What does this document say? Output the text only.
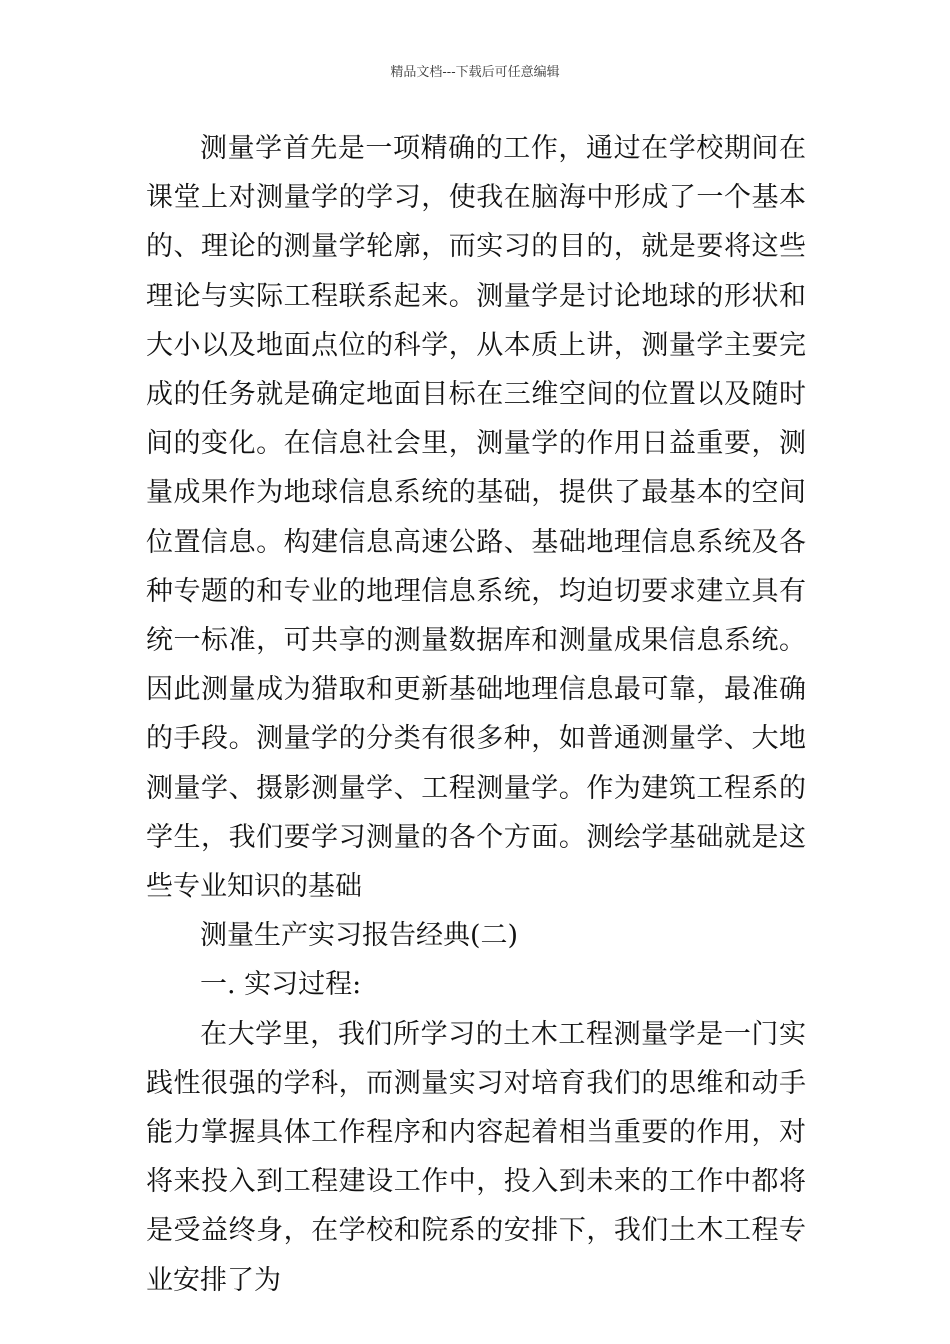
精品文档---下载后可任意编辑

测量学首先是一项精确的工作，通过在学校期间在课堂上对测量学的学习，使我在脑海中形成了一个基本的、理论的测量学轮廓，而实习的目的，就是要将这些理论与实际工程联系起来。测量学是讨论地球的形状和大小以及地面点位的科学，从本质上讲，测量学主要完成的任务就是确定地面目标在三维空间的位置以及随时间的变化。在信息社会里，测量学的作用日益重要，测量成果作为地球信息系统的基础，提供了最基本的空间位置信息。构建信息高速公路、基础地理信息系统及各种专题的和专业的地理信息系统，均迫切要求建立具有统一标准，可共享的测量数据库和测量成果信息系统。因此测量成为猎取和更新基础地理信息最可靠，最准确的手段。测量学的分类有很多种，如普通测量学、大地测量学、摄影测量学、工程测量学。作为建筑工程系的学生，我们要学习测量的各个方面。测绘学基础就是这些专业知识的基础

测量生产实习报告经典(二)

一. 实习过程:

在大学里，我们所学习的土木工程测量学是一门实践性很强的学科，而测量实习对培育我们的思维和动手能力掌握具体工作程序和内容起着相当重要的作用，对将来投入到工程建设工作中，投入到未来的工作中都将是受益终身，在学校和院系的安排下，我们土木工程专业安排了为
